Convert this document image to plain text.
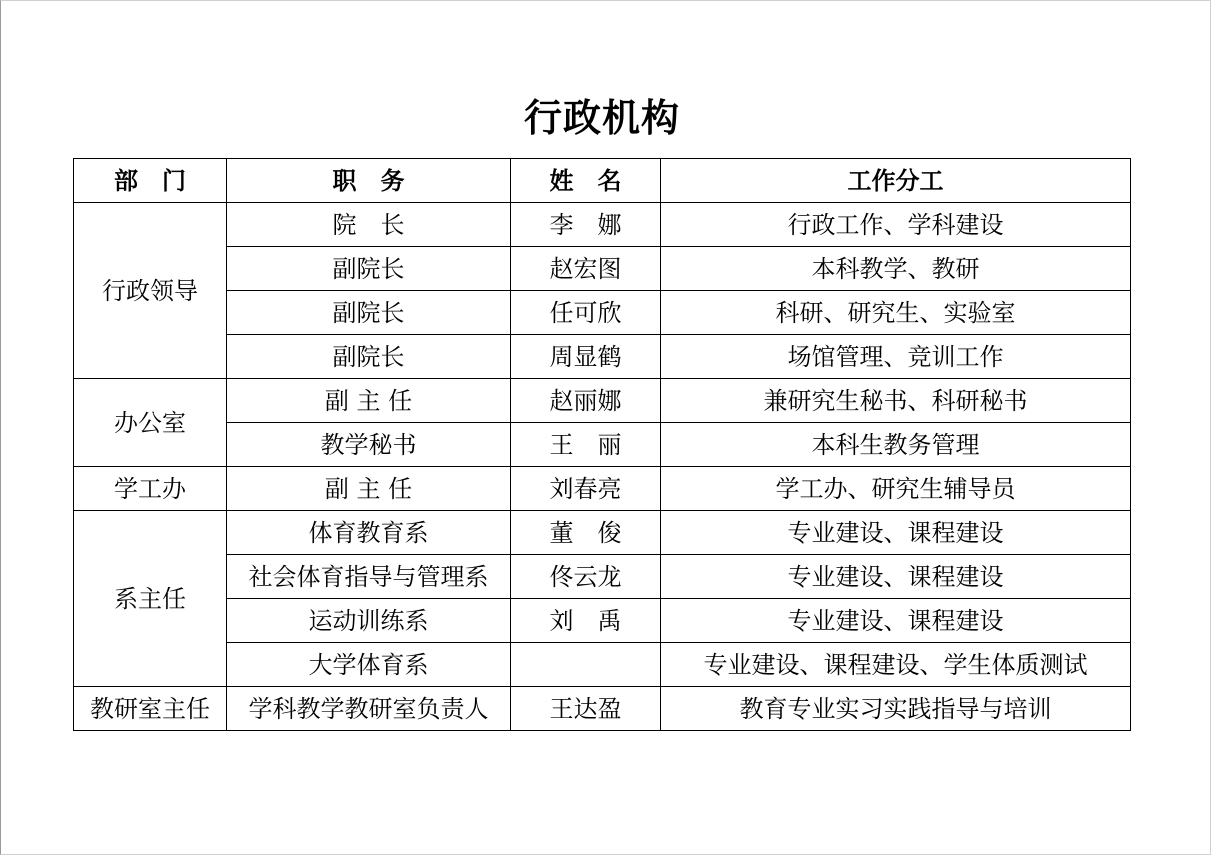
行政机构
部　门	职　务	姓　名	工作分工
行政领导	院　长	李　娜	行政工作、学科建设
	副院长	赵宏图	本科教学、教研
	副院长	任可欣	科研、研究生、实验室
	副院长	周显鹤	场馆管理、竞训工作
办公室	副 主 任	赵丽娜	兼研究生秘书、科研秘书
	教学秘书	王　丽	本科生教务管理
学工办	副 主 任	刘春亮	学工办、研究生辅导员
系主任	体育教育系	董　俊	专业建设、课程建设
	社会体育指导与管理系	佟云龙	专业建设、课程建设
	运动训练系	刘　禹	专业建设、课程建设
	大学体育系		专业建设、课程建设、学生体质测试
教研室主任	学科教学教研室负责人	王达盈	教育专业实习实践指导与培训
